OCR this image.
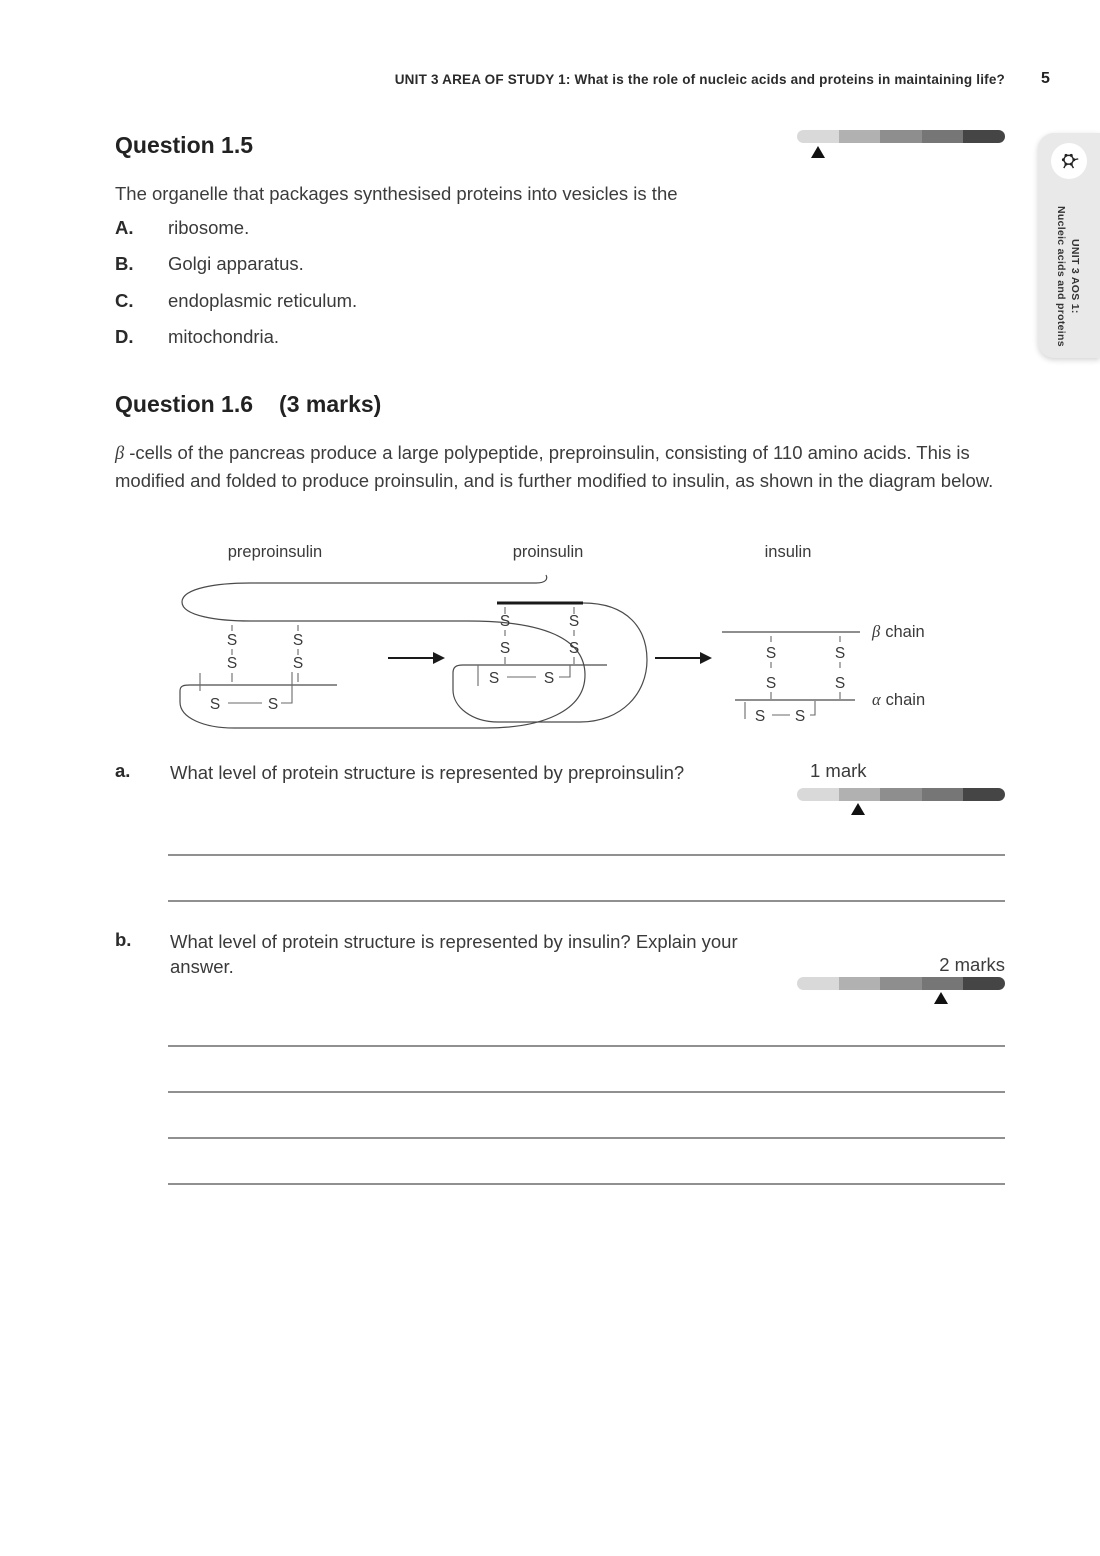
UNIT 3 AREA OF STUDY 1: What is the role of nucleic acids and proteins in maintaining life? 5
Question 1.5
UNIT 3 AOS 1:
Nucleic acids and proteins
The organelle that packages synthesised proteins into vesicles is the
A.	ribosome.
B.	Golgi apparatus.
C.	endoplasmic reticulum.
D.	mitochondria.
Question 1.6 (3 marks)
β -cells of the pancreas produce a large polypeptide, preproinsulin, consisting of 110 amino acids. This is modified and folded to produce proinsulin, and is further modified to insulin, as shown in the diagram below.
preproinsulin	proinsulin	insulin
S
S
S
S
S	S
S
S
S
S
S	S
S
S
S
S
S S
β chain
α chain
a.	What level of protein structure is represented by preproinsulin?	1 mark
b.	What level of protein structure is represented by insulin? Explain your answer.	2 marks
